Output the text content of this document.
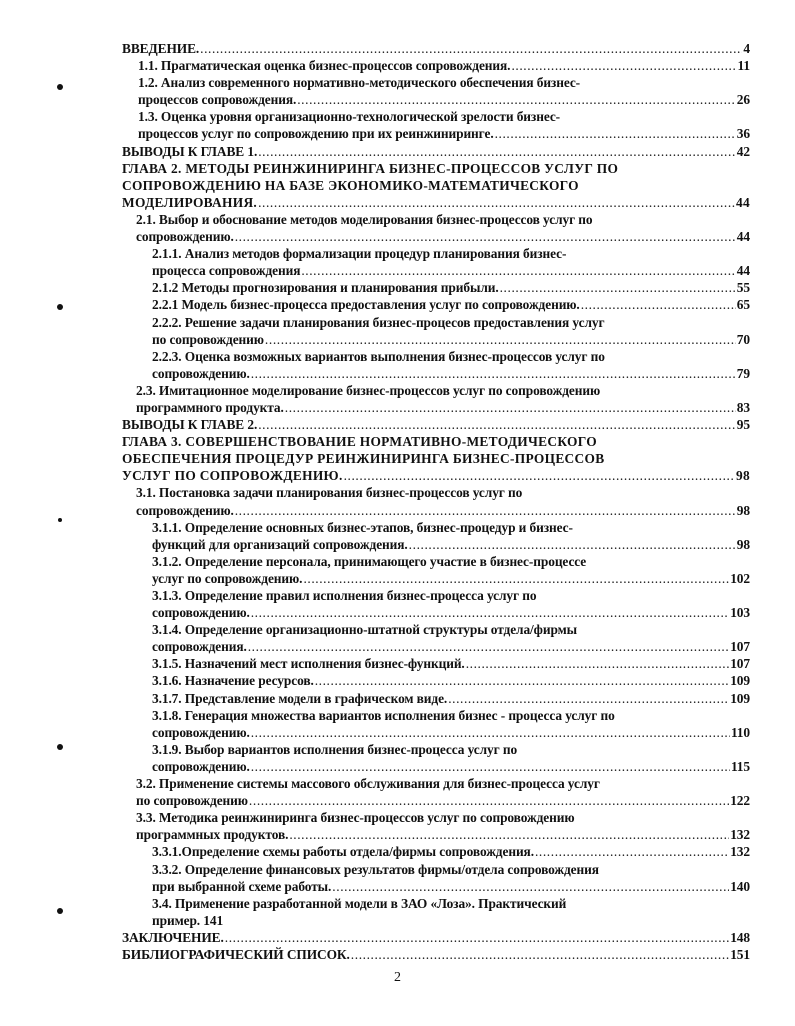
ВВЕДЕНИЕ. .....	4
1.1. Прагматическая оценка бизнес-процессов сопровождения. .....	11
1.2. Анализ современного нормативно-методического обеспечения бизнес-
процессов сопровождения. .....	26
1.3. Оценка уровня организационно-технологической зрелости бизнес-
процессов услуг по сопровождению при их реинжиниринге. .....	36
ВЫВОДЫ К ГЛАВЕ 1. .....	42
ГЛАВА 2. МЕТОДЫ РЕИНЖИНИРИНГА БИЗНЕС-ПРОЦЕССОВ УСЛУГ ПО
СОПРОВОЖДЕНИЮ НА БАЗЕ ЭКОНОМИКО-МАТЕМАТИЧЕСКОГО
МОДЕЛИРОВАНИЯ. .....	44
2.1. Выбор и обоснование методов моделирования бизнес-процессов услуг по
сопровождению. .....	44
2.1.1. Анализ методов формализации процедур планирования бизнес-
процесса сопровождения .....	44
2.1.2 Методы прогнозирования и планирования прибыли. .....	55
2.2.1 Модель бизнес-процесса предоставления услуг по сопровождению. .....	65
2.2.2. Решение задачи планирования бизнес-процесов предоставления услуг
по сопровождению .....	70
2.2.3. Оценка возможных вариантов выполнения бизнес-процессов услуг по
сопровождению. .....	79
2.3. Имитационное моделирование бизнес-процессов услуг по сопровождению
программного продукта. .....	83
ВЫВОДЫ К ГЛАВЕ 2. .....	95
ГЛАВА 3. СОВЕРШЕНСТВОВАНИЕ НОРМАТИВНО-МЕТОДИЧЕСКОГО
ОБЕСПЕЧЕНИЯ ПРОЦЕДУР РЕИНЖИНИРИНГА БИЗНЕС-ПРОЦЕССОВ
УСЛУГ ПО СОПРОВОЖДЕНИЮ. .....	98
3.1. Постановка задачи планирования бизнес-процессов услуг по
сопровождению. .....	98
3.1.1. Определение основных бизнес-этапов, бизнес-процедур и бизнес-
функций для организаций сопровождения. .....	98
3.1.2. Определение персонала, принимающего участие в бизнес-процессе
услуг по сопровождению. .....	102
3.1.3. Определение правил исполнения бизнес-процесса услуг по
сопровождению. .....	103
3.1.4. Определение организационно-штатной структуры отдела/фирмы
сопровождения. .....	107
3.1.5. Назначений мест исполнения бизнес-функций. .....	107
3.1.6. Назначение ресурсов. .....	109
3.1.7. Представление модели в графическом виде. .....	109
3.1.8. Генерация множества вариантов исполнения бизнес - процесса услуг по
сопровождению. .....	110
3.1.9. Выбор вариантов исполнения бизнес-процесса услуг по
сопровождению. .....	115
3.2. Применение системы массового обслуживания для бизнес-процесса услуг
по сопровождению .....	122
3.3. Методика реинжиниринга бизнес-процессов услуг по сопровождению
программных продуктов. .....	132
3.3.1.Определение схемы работы отдела/фирмы сопровождения. .....	132
3.3.2. Определение финансовых результатов фирмы/отдела сопровождения
при выбранной схеме работы. .....	140
3.4. Применение разработанной модели в ЗАО «Лоза». Практический
пример. 141
ЗАКЛЮЧЕНИЕ. .....	148
БИБЛИОГРАФИЧЕСКИЙ СПИСОК. .....	151
2
